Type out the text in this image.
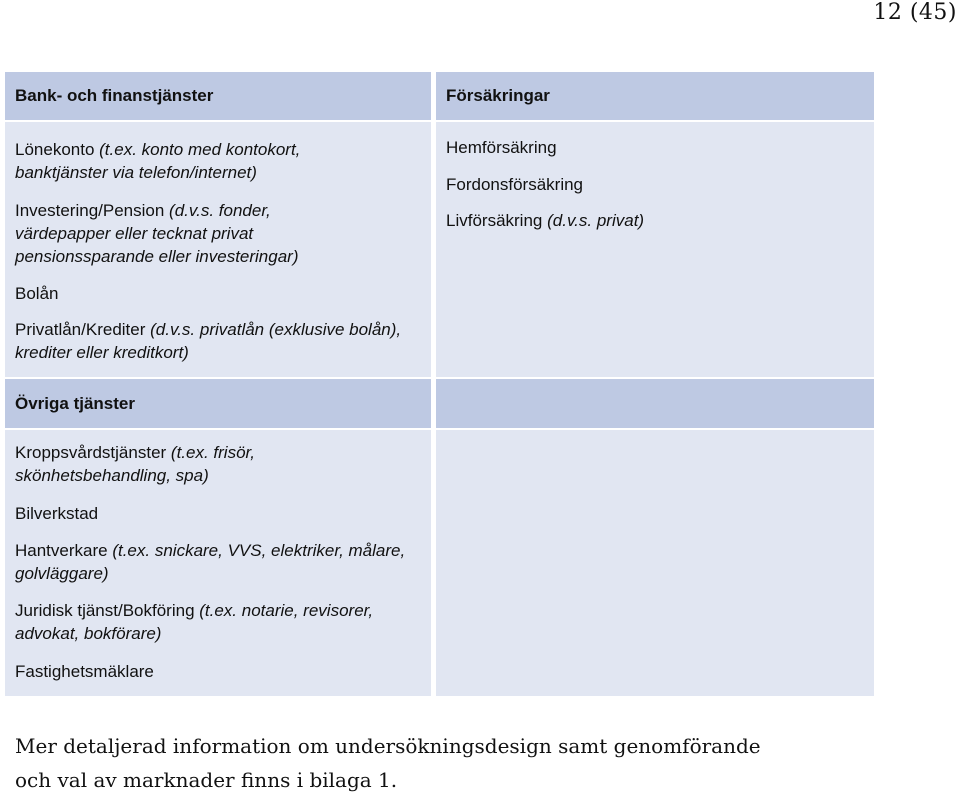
12 (45)
Bank- och finanstjänster	Försäkringar
Lönekonto (t.ex. konto med kontokort, banktjänster via telefon/internet)
Investering/Pension (d.v.s. fonder, värdepapper eller tecknat privat pensionssparande eller investeringar)
Bolån
Privatlån/Krediter (d.v.s. privatlån (exklusive bolån), krediter eller kreditkort)
Hemförsäkring
Fordonsförsäkring
Livförsäkring (d.v.s. privat)
Övriga tjänster
Kroppsvårdstjänster (t.ex. frisör, skönhetsbehandling, spa)
Bilverkstad
Hantverkare (t.ex. snickare, VVS, elektriker, målare, golvläggare)
Juridisk tjänst/Bokföring (t.ex. notarie, revisorer, advokat, bokförare)
Fastighetsmäklare
Mer detaljerad information om undersökningsdesign samt genomförande
och val av marknader finns i bilaga 1.
